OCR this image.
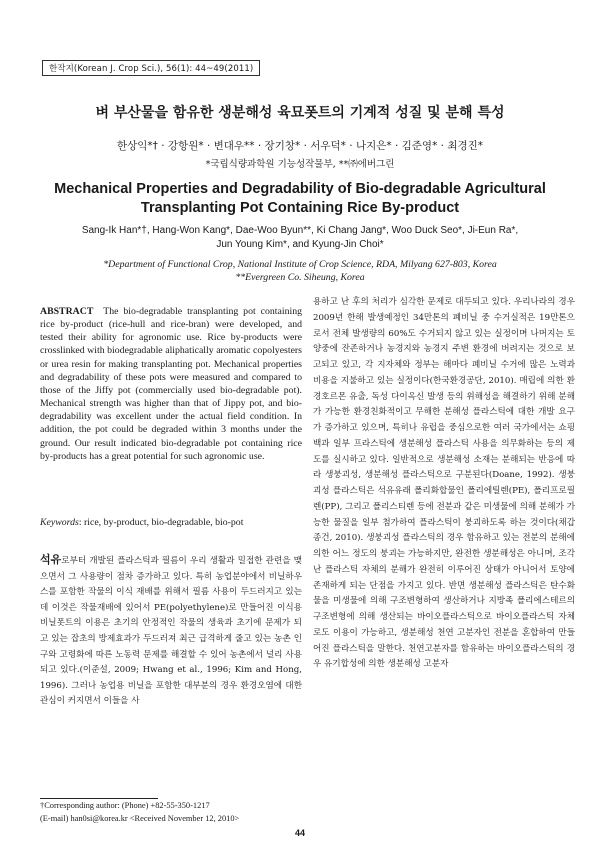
한작지(Korean J. Crop Sci.), 56(1): 44~49(2011)
벼 부산물을 함유한 생분해성 육묘폿트의 기계적 성질 및 분해 특성
한상익*† · 강항원* · 변대우** · 장기창* · 서우덕* · 나지은* · 김준영* · 최경진*
*국립식량과학원 기능성작물부, **㈜에버그린
Mechanical Properties and Degradability of Bio-degradable Agricultural
Transplanting Pot Containing Rice By-product
Sang-Ik Han*†, Hang-Won Kang*, Dae-Woo Byun**, Ki Chang Jang*, Woo Duck Seo*, Ji-Eun Ra*,
Jun Young Kim*, and Kyung-Jin Choi*
*Department of Functional Crop, National Institute of Crop Science, RDA, Milyang 627-803, Korea
**Evergreen Co. Siheung, Korea
ABSTRACT The bio-degradable transplanting pot containing rice by-product (rice-hull and rice-bran) were developed, and tested their ability for agronomic use. Rice by-products were crosslinked with biodegradable aliphatically aromatic copolyesters or urea resin for making transplanting pot. Mechanical properties and degradability of these pots were measured and compared to those of the Jiffy pot (commercially used bio-degradable pot). Mechanical strength was higher than that of Jippy pot, and bio-degradability was excellent under the actual field condition. In addition, the pot could be degraded within 3 months under the ground. Our result indicated bio-degradable pot containing rice by-products has a great potential for such agronomic use.
Keywords: rice, by-product, bio-degradable, bio-pot
석유로부터 개발된 플라스틱과 필름이 우리 생활과 밀접한 관련을 맺으면서 그 사용량이 점차 증가하고 있다. 특히 농업분야에서 비닐하우스를 포함한 작물의 이식 재배를 위해서 필름 사용이 두드러지고 있는데 이것은 작물재배에 있어서 PE(polyethylene)로 만들어진 이식용 비닐폿트의 이용은 초기의 안정적인 작물의 생육과 초기에 문제가 되고 있는 잡초의 방제효과가 두드러져 최근 급격하게 줄고 있는 농촌 인구와 고령화에 따른 노동력 문제를 해결할 수 있어 농촌에서 널리 사용되고 있다.(이준설, 2009; Hwang et al., 1996; Kim and Hong, 1996). 그러나 농업용 비닐을 포함한 대부분의 경우 환경오염에 대한 관심이 커지면서 이들을 사
용하고 난 후의 처리가 심각한 문제로 대두되고 있다. 우리나라의 경우 2009년 한해 발생예정인 34만톤의 폐비닐 중 수거실적은 19만톤으로서 전체 발생량의 60%도 수거되지 않고 있는 실정이며 나머지는 토양중에 잔존하거나 농경지와 농경지 주변 환경에 버려지는 것으로 보고되고 있고, 각 지자체와 정부는 해마다 폐비닐 수거에 많은 노력과 비용을 지불하고 있는 실정이다(한국환경공단, 2010). 매립에 의한 환경호르몬 유출, 독성 다이옥신 발생 등의 위해성을 해결하기 위해 분해가 가능한 환경친화적이고 무해한 분해성 플라스틱에 대한 개발 요구가 증가하고 있으며, 특히나 유럽을 중심으로한 여러 국가에서는 쇼핑백과 일부 프라스틱에 생분해성 플라스틱 사용을 의무화하는 등의 제도를 실시하고 있다. 일반적으로 생분해성 소재는 분해되는 반응에 따라 생붕괴성, 생분해성 플라스틱으로 구분된다(Doane, 1992). 생붕괴성 플라스틱은 석유유래 폴리화합물인 폴리에틸렌(PE), 폴리프로필렌(PP), 그리고 폴리스티렌 등에 전분과 같은 미생물에 의해 분해가 가능한 물질을 일부 첨가하여 플라스틱이 붕괴하도록 하는 것이다(채갑종건, 2010). 생붕괴성 플라스틱의 경우 함유하고 있는 전분의 분해에 의한 어느 정도의 붕괴는 가능하지만, 완전한 생분해성은 아니며, 조각난 플라스틱 자체의 분해가 완전히 이루어진 상태가 아니어서 토양에 존재하게 되는 단점을 가지고 있다. 반면 생분해성 플라스틱은 탄수화물을 미생물에 의해 구조변형하여 생산하거나 지방족 폴리에스테르의 구조변형에 의해 생산되는 바이오플라스틱으로 바이오플라스틱 자체로도 이용이 가능하고, 생분해성 천연 고분자인 전분을 혼합하여 만들어진 플라스틱을 말한다. 천연고분자를 함유하는 바이오플라스틱의 경우 유기합성에 의한 생분해성 고분자
†Corresponding author: (Phone) +82-55-350-1217
(E-mail) han0si@korea.kr <Received November 12, 2010>
44
